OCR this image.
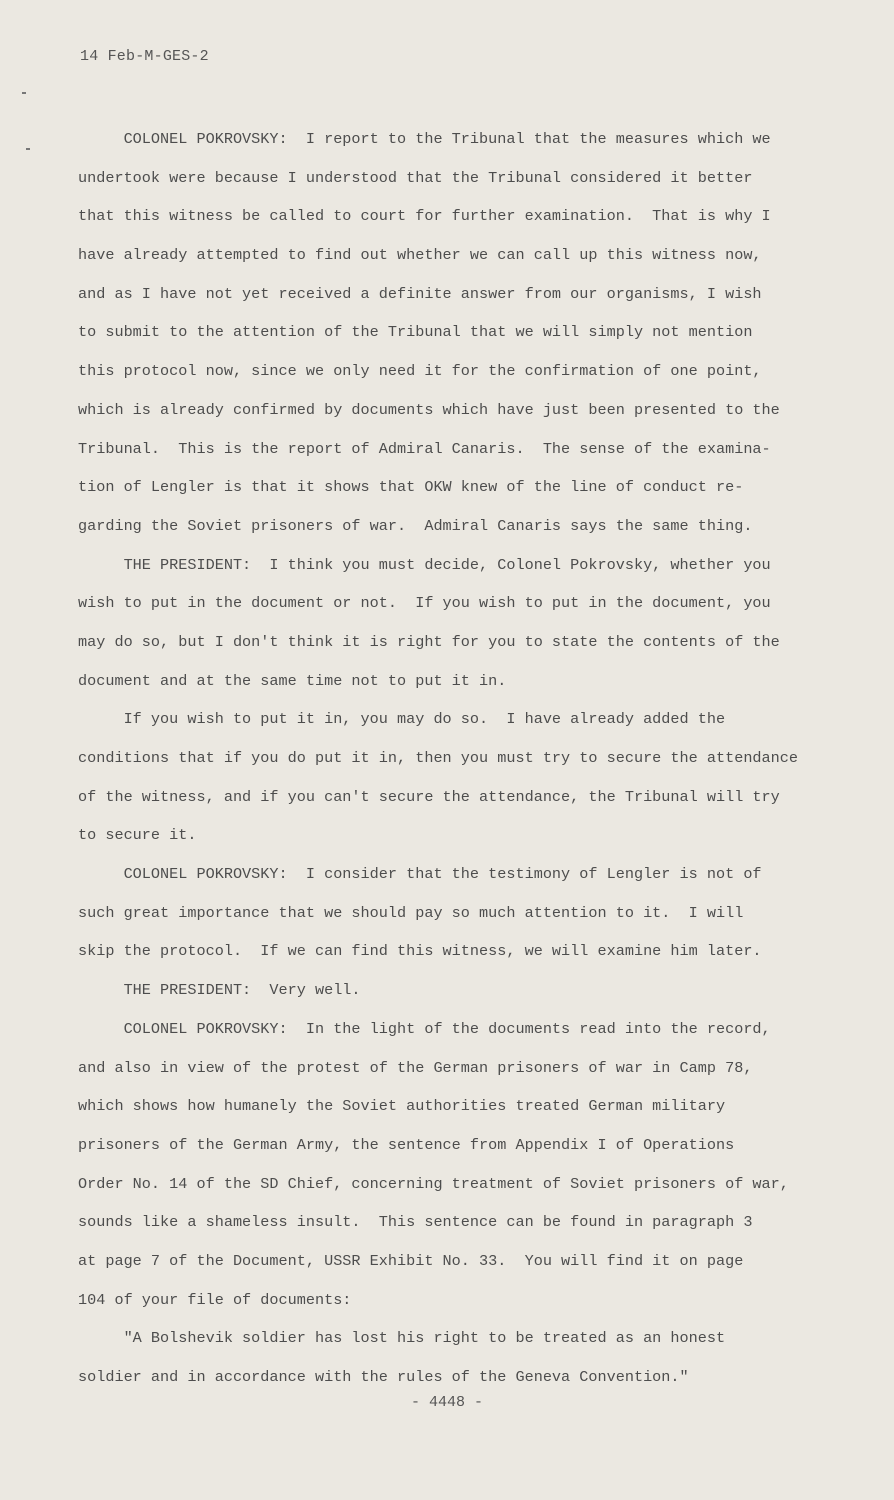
14 Feb-M-GES-2
COLONEL POKROVSKY:  I report to the Tribunal that the measures which we
undertook were because I understood that the Tribunal considered it better
that this witness be called to court for further examination.  That is why I
have already attempted to find out whether we can call up this witness now,
and as I have not yet received a definite answer from our organisms, I wish
to submit to the attention of the Tribunal that we will simply not mention
this protocol now, since we only need it for the confirmation of one point,
which is already confirmed by documents which have just been presented to the
Tribunal.  This is the report of Admiral Canaris.  The sense of the examina-
tion of Lengler is that it shows that OKW knew of the line of conduct re-
garding the Soviet prisoners of war.  Admiral Canaris says the same thing.
THE PRESIDENT:  I think you must decide, Colonel Pokrovsky, whether you
wish to put in the document or not.  If you wish to put in the document, you
may do so, but I don't think it is right for you to state the contents of the
document and at the same time not to put it in.
If you wish to put it in, you may do so.  I have already added the
conditions that if you do put it in, then you must try to secure the attendance
of the witness, and if you can't secure the attendance, the Tribunal will try
to secure it.
COLONEL POKROVSKY:  I consider that the testimony of Lengler is not of
such great importance that we should pay so much attention to it.  I will
skip the protocol.  If we can find this witness, we will examine him later.
THE PRESIDENT:  Very well.
COLONEL POKROVSKY:  In the light of the documents read into the record,
and also in view of the protest of the German prisoners of war in Camp 78,
which shows how humanely the Soviet authorities treated German military
prisoners of the German Army, the sentence from Appendix I of Operations
Order No. 14 of the SD Chief, concerning treatment of Soviet prisoners of war,
sounds like a shameless insult.  This sentence can be found in paragraph 3
at page 7 of the Document, USSR Exhibit No. 33.  You will find it on page
104 of your file of documents:
"A Bolshevik soldier has lost his right to be treated as an honest
soldier and in accordance with the rules of the Geneva Convention."
- 4448 -
